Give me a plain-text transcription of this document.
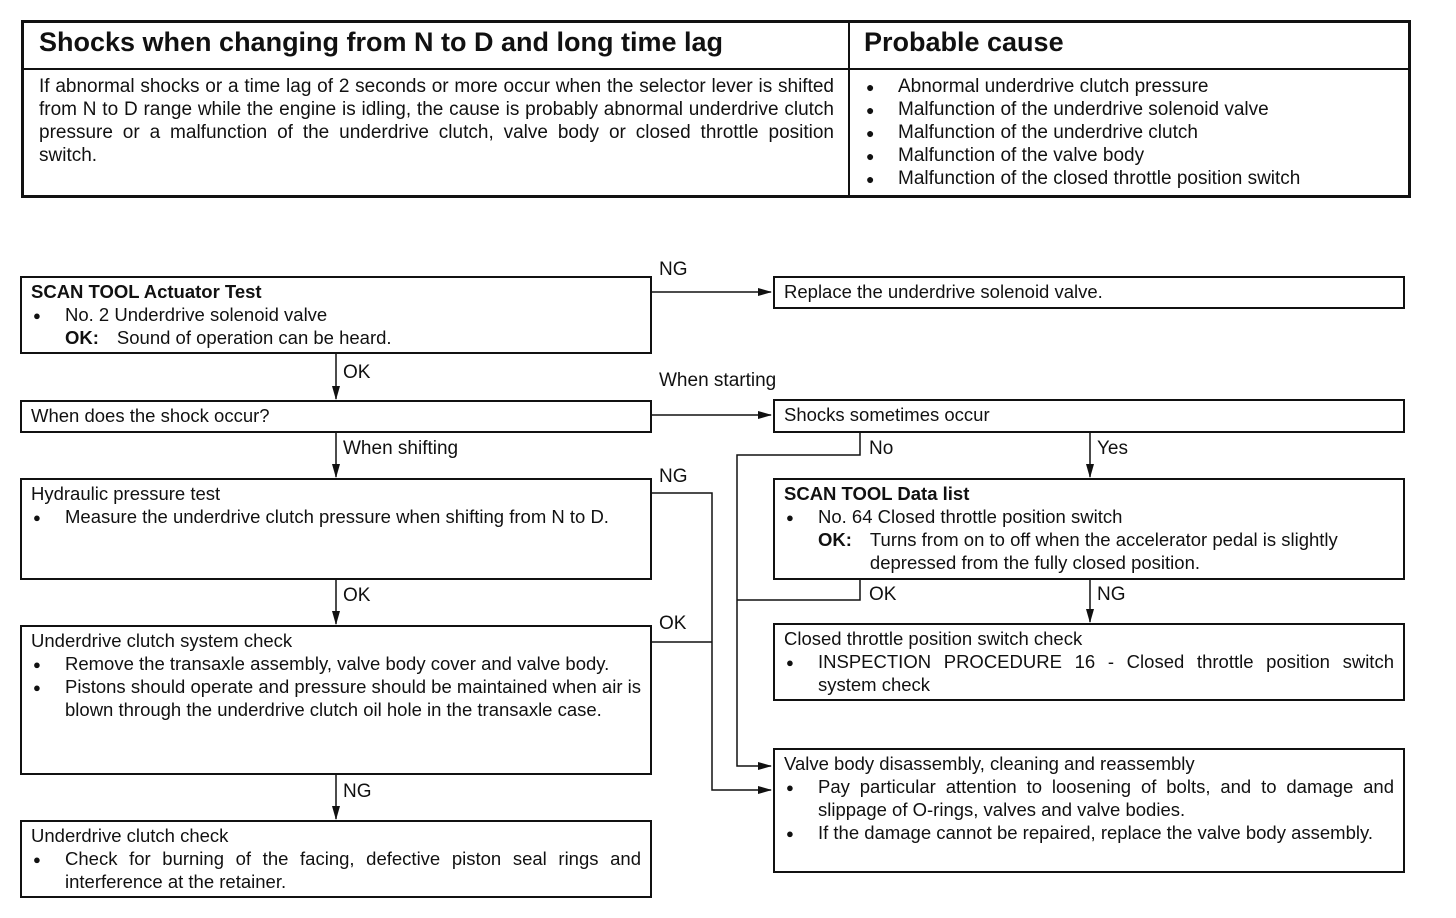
Shocks when changing from N to D and long time lag	Probable cause
If abnormal shocks or a time lag of 2 seconds or more occur when the selector lever is shifted from N to D range while the engine is idling, the cause is probably abnormal underdrive clutch pressure or a malfunction of the underdrive clutch, valve body or closed throttle position switch.
● Abnormal underdrive clutch pressure
● Malfunction of the underdrive solenoid valve
● Malfunction of the underdrive clutch
● Malfunction of the valve body
● Malfunction of the closed throttle position switch
SCAN TOOL Actuator Test
● No. 2 Underdrive solenoid valve
OK: Sound of operation can be heard.
Replace the underdrive solenoid valve.
When does the shock occur?	Shocks sometimes occur
Hydraulic pressure test
● Measure the underdrive clutch pressure when shifting from N to D.
SCAN TOOL Data list
● No. 64 Closed throttle position switch
OK: Turns from on to off when the accelerator pedal is slightly depressed from the fully closed position.
Underdrive clutch system check
● Remove the transaxle assembly, valve body cover and valve body.
● Pistons should operate and pressure should be maintained when air is blown through the underdrive clutch oil hole in the transaxle case.
Closed throttle position switch check
● INSPECTION PROCEDURE 16 - Closed throttle position switch system check
Valve body disassembly, cleaning and reassembly
● Pay particular attention to loosening of bolts, and to damage and slippage of O-rings, valves and valve bodies.
● If the damage cannot be repaired, replace the valve body assembly.
Underdrive clutch check
● Check for burning of the facing, defective piston seal rings and interference at the retainer.
NG
OK	When starting
When shifting	No	Yes
NG
OK	OK	NG
OK
NG
